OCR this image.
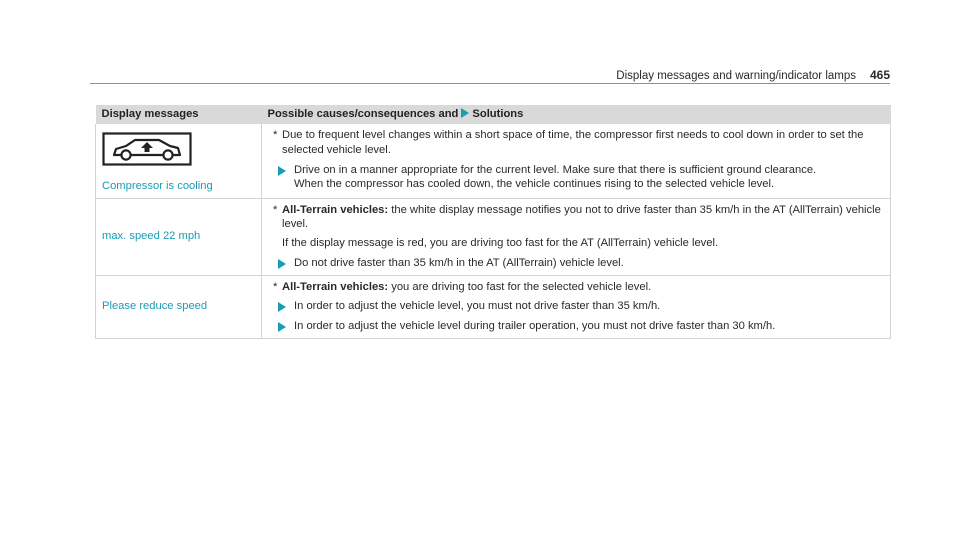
Display messages and warning/indicator lamps 465
Display messages	Possible causes/consequences and Solutions

Compressor is cooling	* Due to frequent level changes within a short space of time, the compressor first needs to cool down in order to set the selected vehicle level.
Drive on in a manner appropriate for the current level. Make sure that there is sufficient ground clearance.
When the compressor has cooled down, the vehicle continues rising to the selected vehicle level.

max. speed 22 mph	* All-Terrain vehicles: the white display message notifies you not to drive faster than 35 km/h in the AT (AllTerrain) vehicle level.
If the display message is red, you are driving too fast for the AT (AllTerrain) vehicle level.
Do not drive faster than 35 km/h in the AT (AllTerrain) vehicle level.

Please reduce speed	* All-Terrain vehicles: you are driving too fast for the selected vehicle level.
In order to adjust the vehicle level, you must not drive faster than 35 km/h.
In order to adjust the vehicle level during trailer operation, you must not drive faster than 30 km/h.
